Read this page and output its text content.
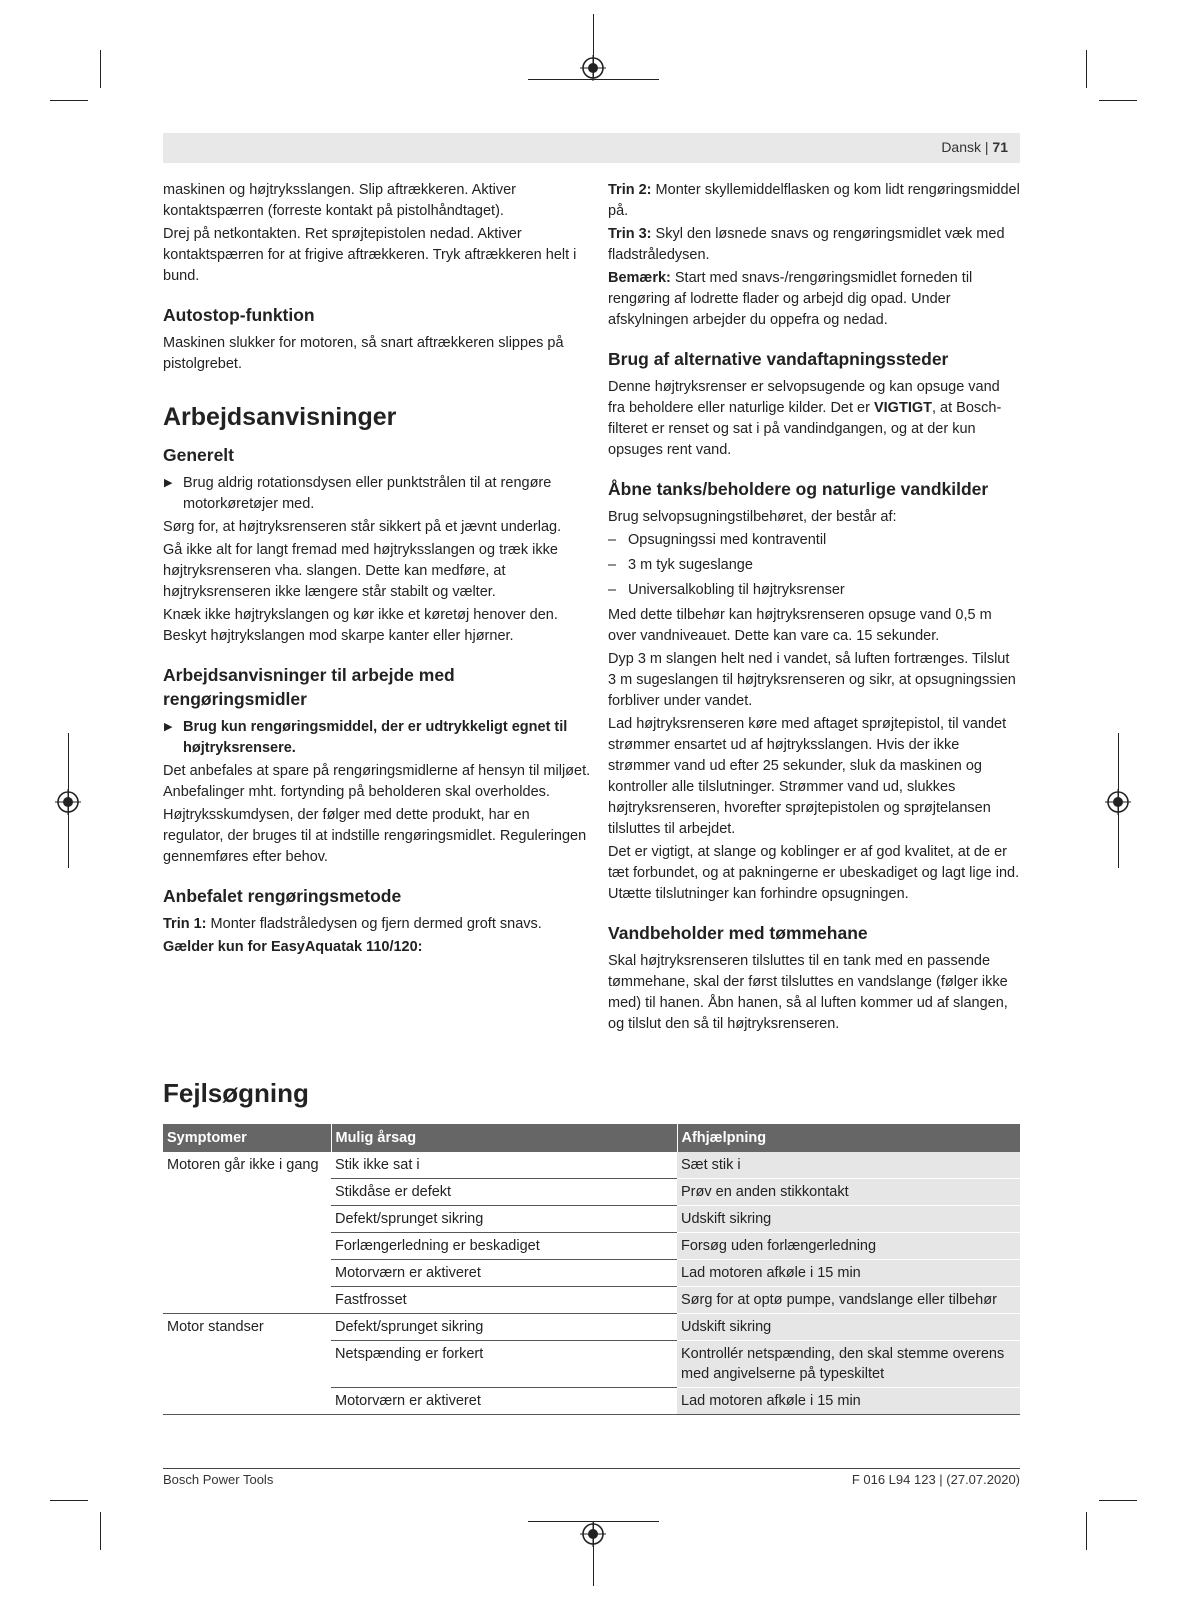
Dansk | 71

maskinen og højtryksslangen. Slip aftrækkeren. Aktiver kontaktspærren (forreste kontakt på pistolhåndtaget).

Drej på netkontakten. Ret sprøjtepistolen nedad. Aktiver kontaktspærren for at frigive aftrækkeren. Tryk aftrækkeren helt i bund.

Autostop-funktion

Maskinen slukker for motoren, så snart aftrækkeren slippes på pistolgrebet.

Arbejdsanvisninger
Generelt

▶ Brug aldrig rotationsdysen eller punktstrålen til at rengøre motorkøretøjer med.

Sørg for, at højtryksrenseren står sikkert på et jævnt underlag.

Gå ikke alt for langt fremad med højtryksslangen og træk ikke højtryksrenseren vha. slangen. Dette kan medføre, at højtryksrenseren ikke længere står stabilt og vælter.

Knæk ikke højtrykslangen og kør ikke et køretøj henover den. Beskyt højtrykslangen mod skarpe kanter eller hjørner.

Arbejdsanvisninger til arbejde med rengøringsmidler

▶ Brug kun rengøringsmiddel, der er udtrykkeligt egnet til højtryksrensere.

Det anbefales at spare på rengøringsmidlerne af hensyn til miljøet. Anbefalinger mht. fortynding på beholderen skal overholdes.

Højtryksskumdysen, der følger med dette produkt, har en regulator, der bruges til at indstille rengøringsmidlet. Reguleringen gennemføres efter behov.

Anbefalet rengøringsmetode

Trin 1: Monter fladstråledysen og fjern dermed groft snavs.

Gælder kun for EasyAquatak 110/120:

Trin 2: Monter skyllemiddelflasken og kom lidt rengøringsmiddel på.

Trin 3: Skyl den løsnede snavs og rengøringsmidlet væk med fladstråledysen.

Bemærk: Start med snavs-/rengøringsmidlet forneden til rengøring af lodrette flader og arbejd dig opad. Under afskylningen arbejder du oppefra og nedad.

Brug af alternative vandaftapningssteder

Denne højtryksrenser er selvopsugende og kan opsuge vand fra beholdere eller naturlige kilder. Det er VIGTIGT, at Bosch-filteret er renset og sat i på vandindgangen, og at der kun opsuges rent vand.

Åbne tanks/beholdere og naturlige vandkilder

Brug selvopsugningstilbehøret, der består af:

– Opsugningssi med kontraventil

– 3 m tyk sugeslange

– Universalkobling til højtryksrenser

Med dette tilbehør kan højtryksrenseren opsuge vand 0,5 m over vandniveauet. Dette kan vare ca. 15 sekunder.

Dyp 3 m slangen helt ned i vandet, så luften fortrænges. Tilslut 3 m sugeslangen til højtryksrenseren og sikr, at opsugningssien forbliver under vandet.

Lad højtryksrenseren køre med aftaget sprøjtepistol, til vandet strømmer ensartet ud af højtryksslangen. Hvis der ikke strømmer vand ud efter 25 sekunder, sluk da maskinen og kontroller alle tilslutninger. Strømmer vand ud, slukkes højtryksrenseren, hvorefter sprøjtepistolen og sprøjtelansen tilsluttes til arbejdet.

Det er vigtigt, at slange og koblinger er af god kvalitet, at de er tæt forbundet, og at pakningerne er ubeskadiget og lagt lige ind. Utætte tilslutninger kan forhindre opsugningen.

Vandbeholder med tømmehane

Skal højtryksrenseren tilsluttes til en tank med en passende tømmehane, skal der først tilsluttes en vandslange (følger ikke med) til hanen. Åbn hanen, så al luften kommer ud af slangen, og tilslut den så til højtryksrenseren.

Fejlsøgning
Symptomer	Mulig årsag	Afhjælpning
Motoren går ikke i gang	Stik ikke sat i	Sæt stik i
	Stikdåse er defekt	Prøv en anden stikkontakt
	Defekt/sprunget sikring	Udskift sikring
	Forlængerledning er beskadiget	Forsøg uden forlængerledning
	Motorværn er aktiveret	Lad motoren afkøle i 15 min
	Fastfrosset	Sørg for at optø pumpe, vandslange eller tilbehør
Motor standser	Defekt/sprunget sikring	Udskift sikring
	Netspænding er forkert	Kontrollér netspænding, den skal stemme overens med angivelserne på typeskiltet
	Motorværn er aktiveret	Lad motoren afkøle i 15 min
Bosch Power Tools	F 016 L94 123 | (27.07.2020)
